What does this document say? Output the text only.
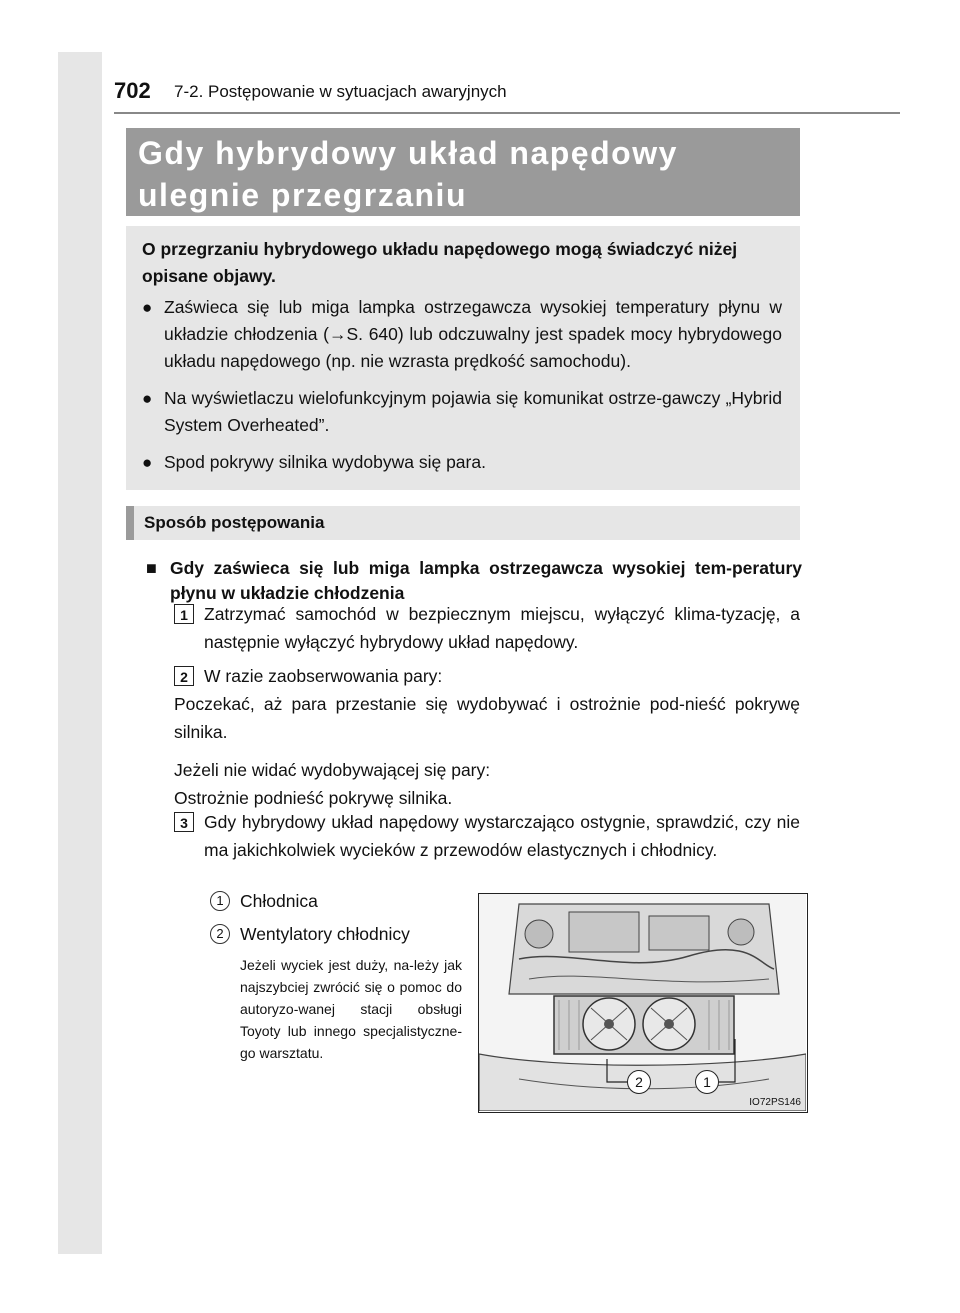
702 7-2. Postępowanie w sytuacjach awaryjnych
Gdy hybrydowy układ napędowy
ulegnie przegrzaniu
O przegrzaniu hybrydowego układu napędowego mogą świadczyć niżej opisane objawy.
● Zaświeca się lub miga lampka ostrzegawcza wysokiej temperatury płynu w układzie chłodzenia (→S. 640) lub odczuwalny jest spadek mocy hybrydowego układu napędowego (np. nie wzrasta prędkość samochodu).
● Na wyświetlaczu wielofunkcyjnym pojawia się komunikat ostrze-gawczy „Hybrid System Overheated”.
● Spod pokrywy silnika wydobywa się para.
Sposób postępowania
■ Gdy zaświeca się lub miga lampka ostrzegawcza wysokiej tem-peratury płynu w układzie chłodzenia
1 Zatrzymać samochód w bezpiecznym miejscu, wyłączyć klima-tyzację, a następnie wyłączyć hybrydowy układ napędowy.
2 W razie zaobserwowania pary:
Poczekać, aż para przestanie się wydobywać i ostrożnie pod-nieść pokrywę silnika.
Jeżeli nie widać wydobywającej się pary:
Ostrożnie podnieść pokrywę silnika.
3 Gdy hybrydowy układ napędowy wystarczająco ostygnie, sprawdzić, czy nie ma jakichkolwiek wycieków z przewodów elastycznych i chłodnicy.
1 Chłodnica
2 Wentylatory chłodnicy
Jeżeli wyciek jest duży, na-leży jak najszybciej zwrócić się o pomoc do autoryzo-wanej stacji obsługi Toyoty lub innego specjalistyczne-go warsztatu.
2	1
IO72PS146
